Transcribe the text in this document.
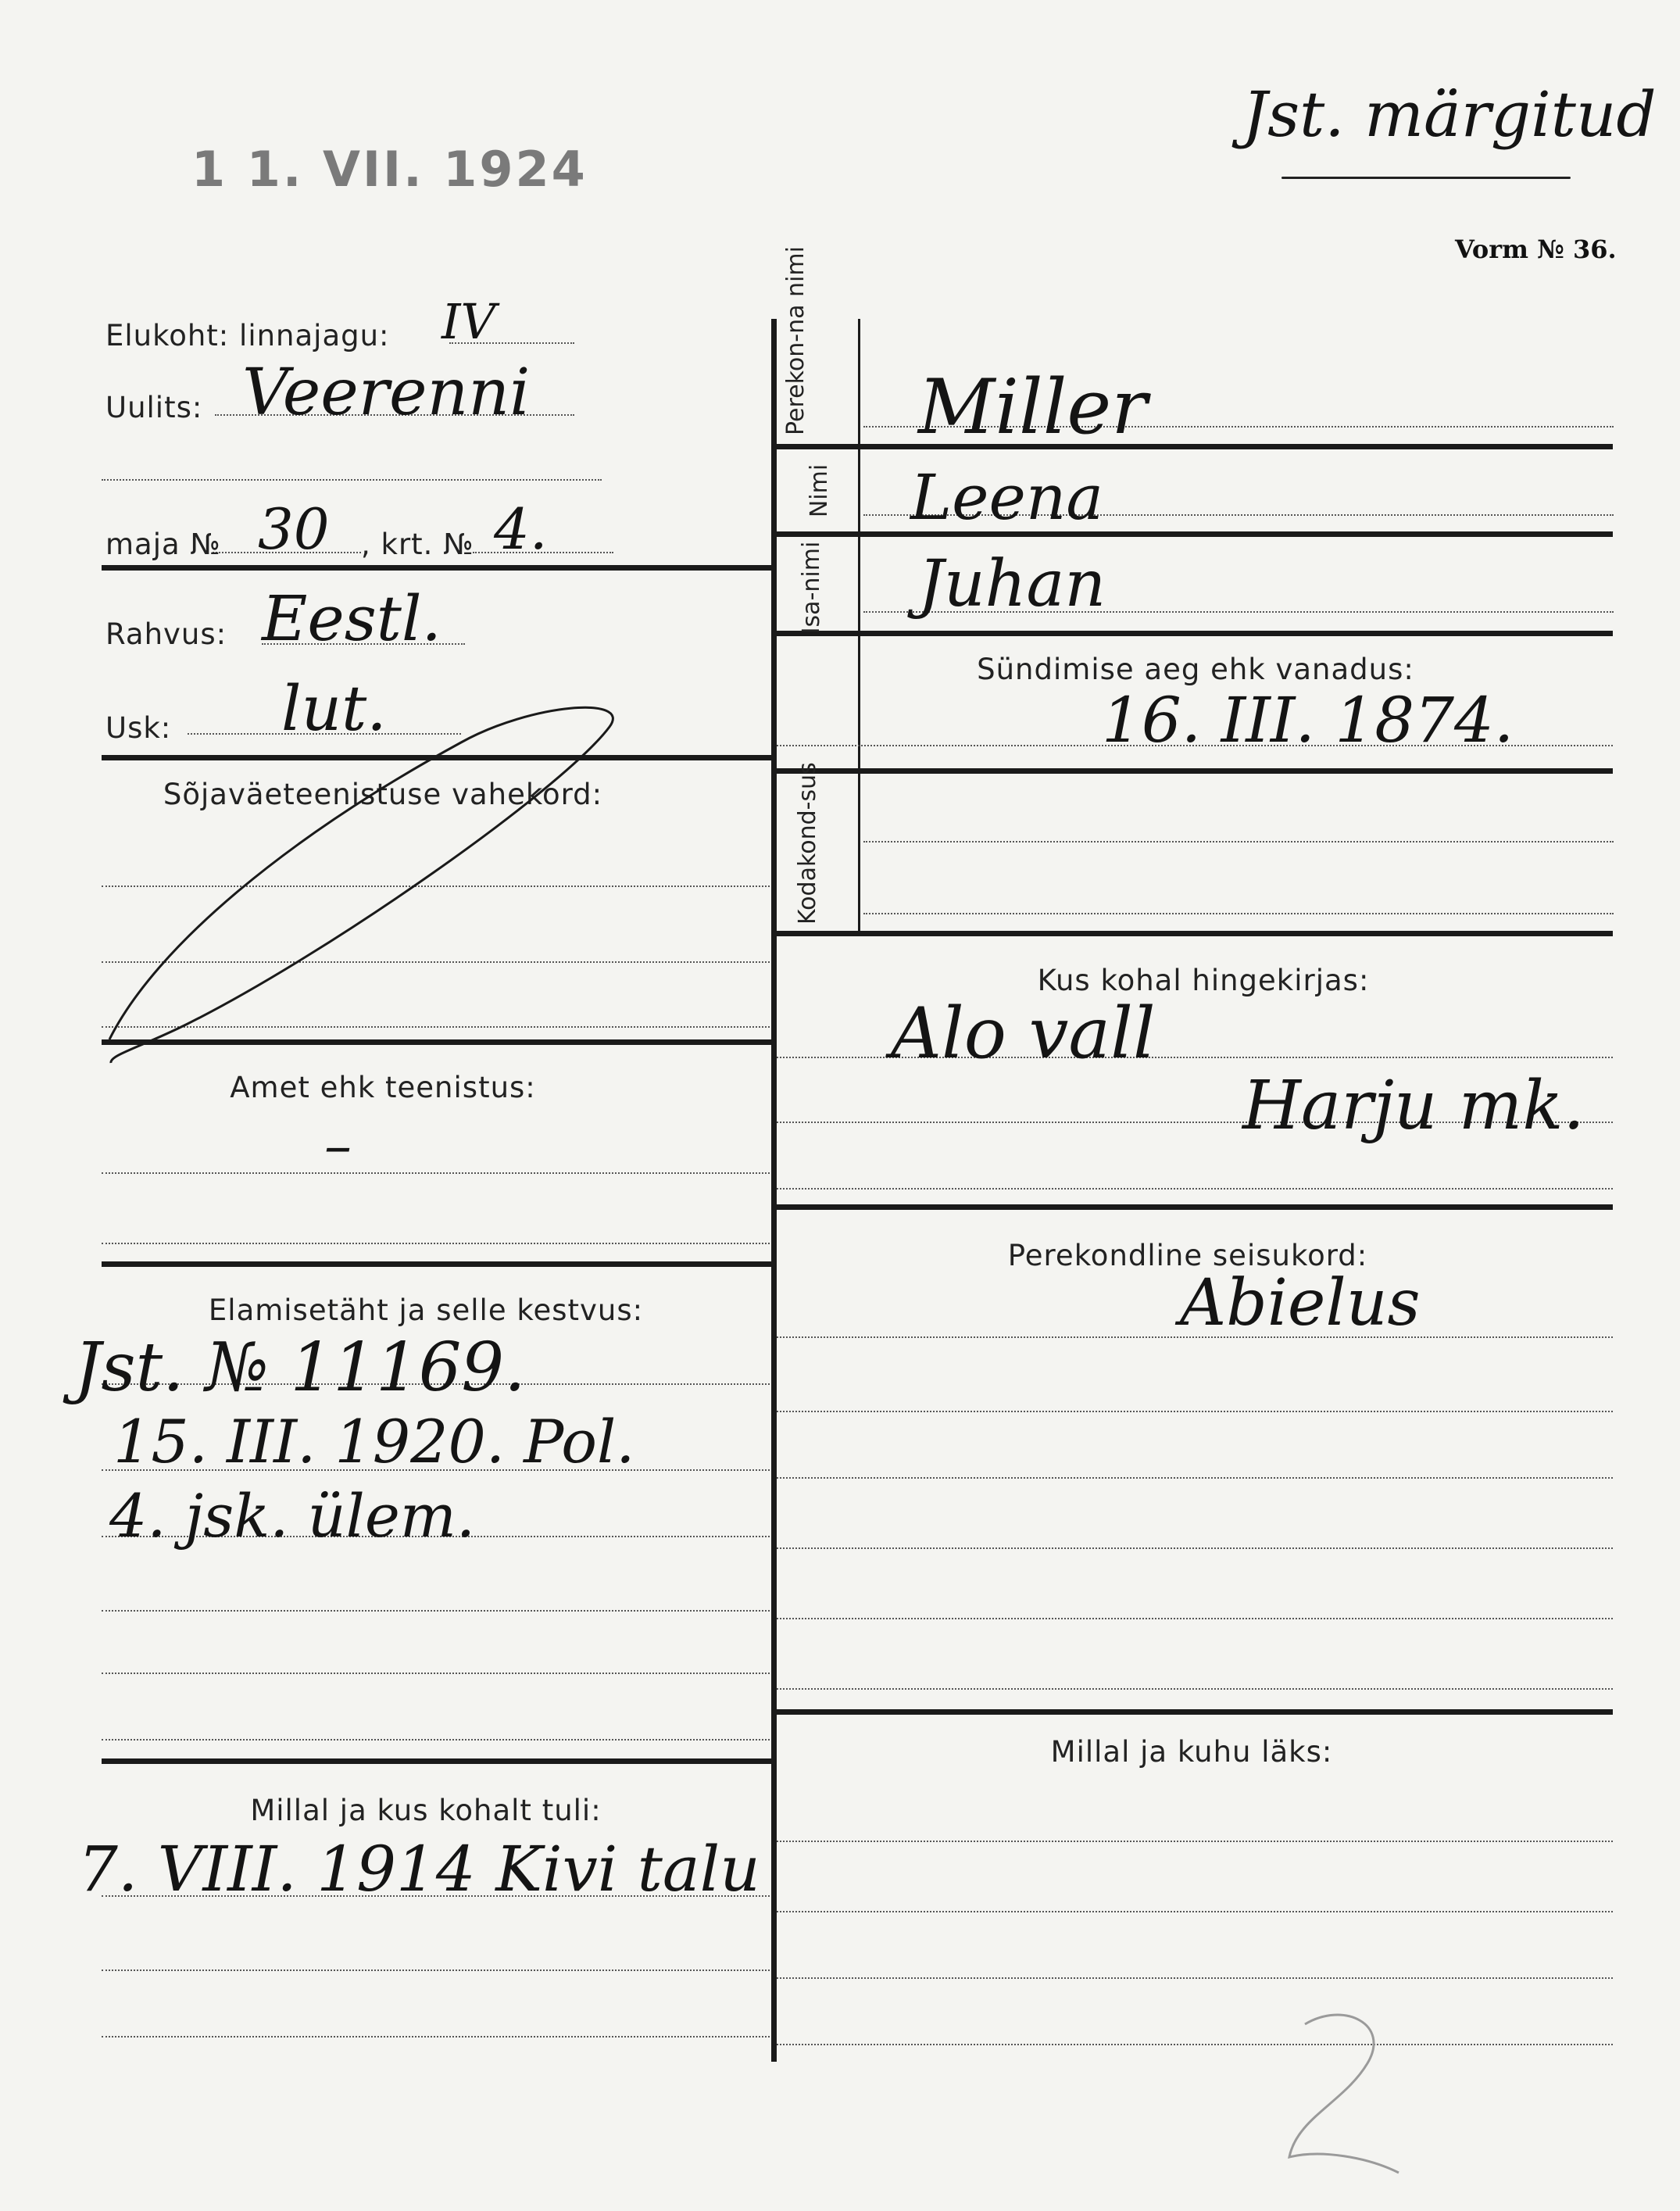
1 1. VII. 1924
Jst. märgitud
Vorm № 36.
Elukoht: linnajagu: IV
Uulits: Veerenni
maja № 30 , krt. № 4.
Rahvus: Eestl.
Usk: lut.
Sõjaväeteenistuse vahekord:
Amet ehk teenistus:
–
Elamisetäht ja selle kestvus:
Jst. № 11169.
15. III. 1920. Pol.
4. jsk. ülem.
Millal ja kus kohalt tuli:
7. VIII. 1914 Kivi talu
Perekon-na nimi
Nimi
Isa-nimi
Kodakond-sus
Miller
Leena
Juhan
Sündimise aeg ehk vanadus:
16. III. 1874.
Kus kohal hingekirjas:
Alo vall
Harju mk.
Perekondline seisukord:
Abielus
Millal ja kuhu läks:
